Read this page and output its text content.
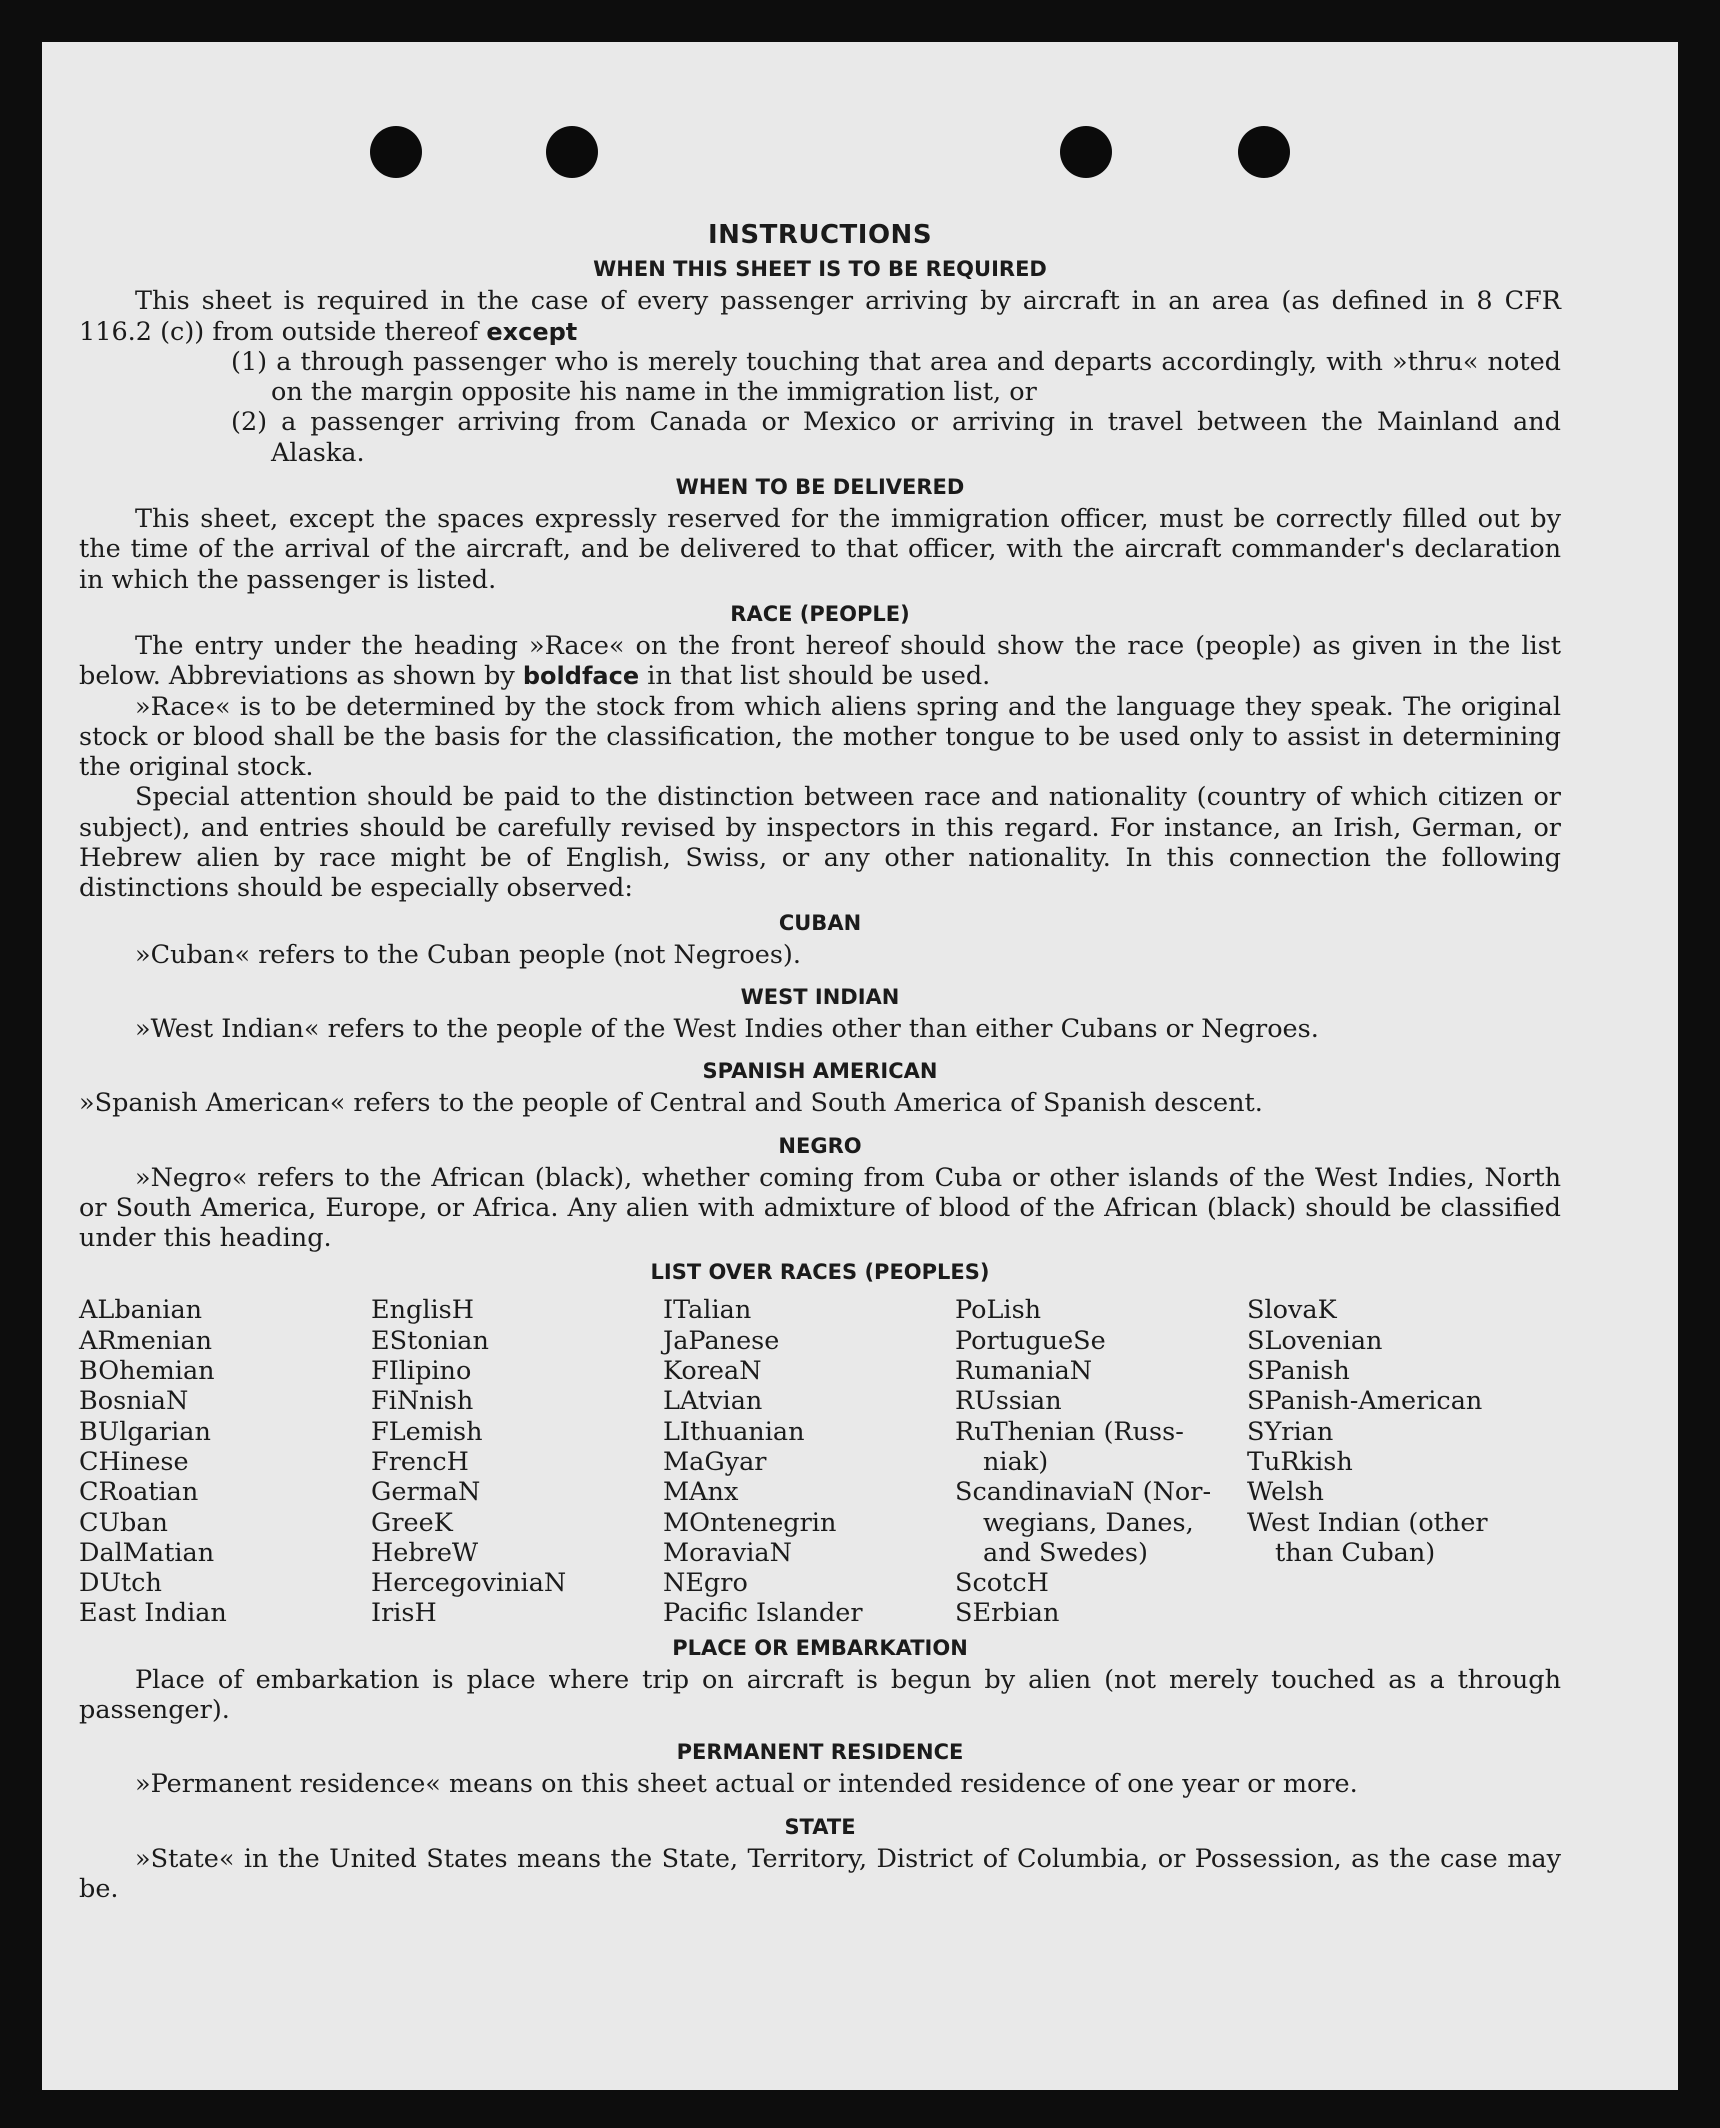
INSTRUCTIONS
WHEN THIS SHEET IS TO BE REQUIRED

This sheet is required in the case of every passenger arriving by aircraft in an area (as defined in 8 CFR 116.2 (c)) from outside thereof except

(1) a through passenger who is merely touching that area and departs accordingly, with »thru« noted on the margin opposite his name in the immigration list, or

(2) a passenger arriving from Canada or Mexico or arriving in travel between the Mainland and Alaska.

WHEN TO BE DELIVERED

This sheet, except the spaces expressly reserved for the immigration officer, must be correctly filled out by the time of the arrival of the aircraft, and be delivered to that officer, with the aircraft commander's declaration in which the passenger is listed.

RACE (PEOPLE)

The entry under the heading »Race« on the front hereof should show the race (people) as given in the list below. Abbreviations as shown by boldface in that list should be used.

»Race« is to be determined by the stock from which aliens spring and the language they speak. The original stock or blood shall be the basis for the classification, the mother tongue to be used only to assist in determining the original stock.

Special attention should be paid to the distinction between race and nationality (country of which citizen or subject), and entries should be carefully revised by inspectors in this regard. For instance, an Irish, German, or Hebrew alien by race might be of English, Swiss, or any other nationality. In this connection the following distinctions should be especially observed:

CUBAN

»Cuban« refers to the Cuban people (not Negroes).

WEST INDIAN

»West Indian« refers to the people of the West Indies other than either Cubans or Negroes.

SPANISH AMERICAN

»Spanish American« refers to the people of Central and South America of Spanish descent.

NEGRO

»Negro« refers to the African (black), whether coming from Cuba or other islands of the West Indies, North or South America, Europe, or Africa. Any alien with admixture of blood of the African (black) should be classified under this heading.

LIST OVER RACES (PEOPLES)
ALbanian
ARmenian
BOhemian
BosniaN
BUlgarian
CHinese
CRoatian
CUban
DalMatian
DUtch
East Indian
EnglisH
EStonian
FIlipino
FiNnish
FLemish
FrencH
GermaN
GreeK
HebreW
HercegoviniaN
IrisH
ITalian
JaPanese
KoreaN
LAtvian
LIthuanian
MaGyar
MAnx
MOntenegrin
MoraviaN
NEgro
Pacific Islander
PoLish
PortugueSe
RumaniaN
RUssian
RuThenian (Russ-
niak)
ScandinaviaN (Nor-
wegians, Danes,
and Swedes)
ScotcH
SErbian
SlovaK
SLovenian
SPanish
SPanish-American
SYrian
TuRkish
Welsh
West Indian (other
than Cuban)
PLACE OR EMBARKATION

Place of embarkation is place where trip on aircraft is begun by alien (not merely touched as a through passenger).

PERMANENT RESIDENCE

»Permanent residence« means on this sheet actual or intended residence of one year or more.

STATE

»State« in the United States means the State, Territory, District of Columbia, or Possession, as the case may be.
